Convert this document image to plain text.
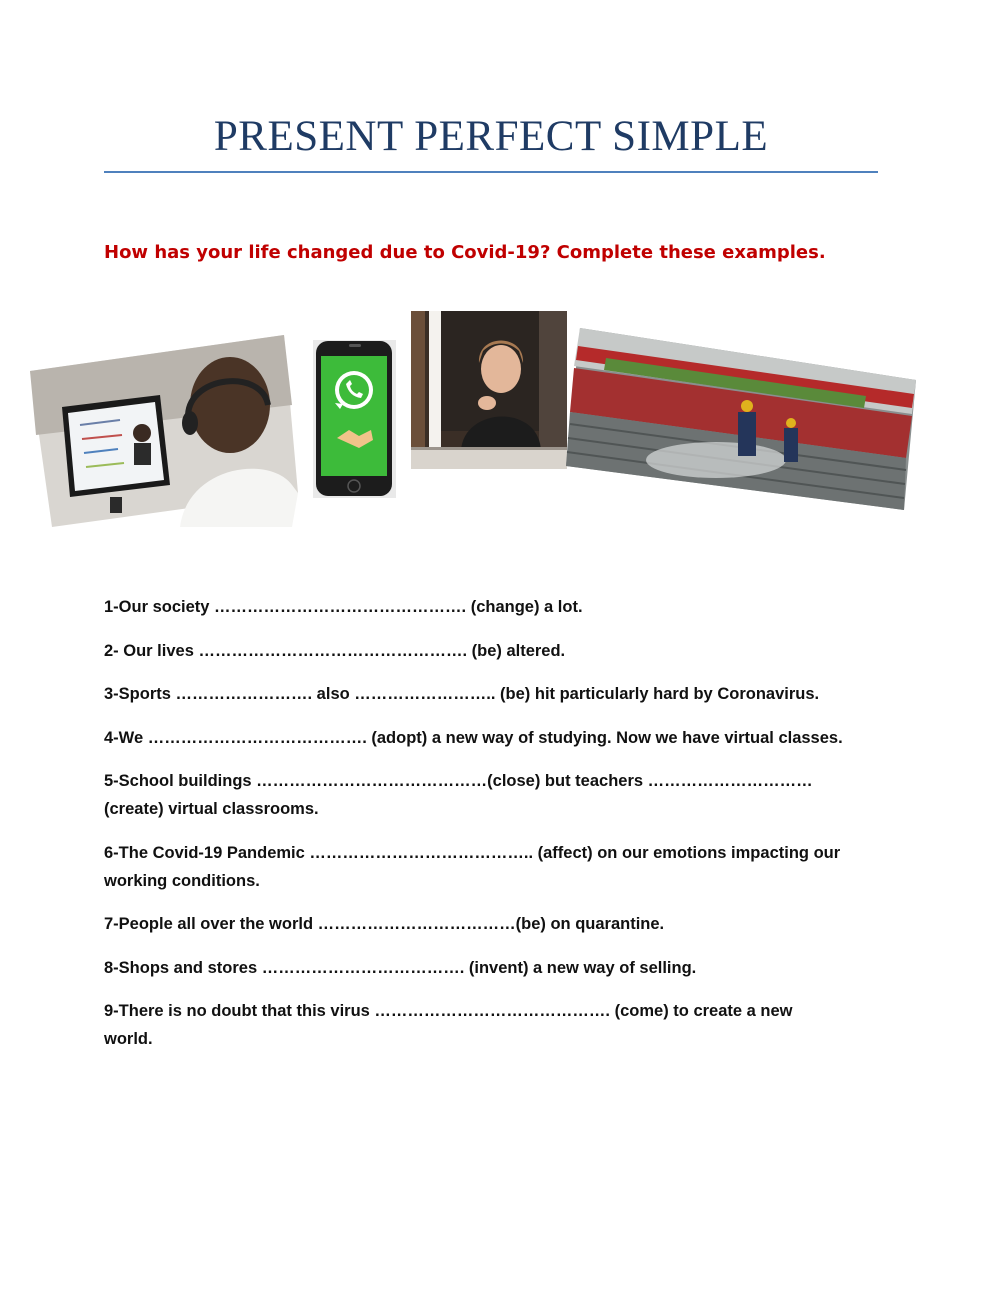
PRESENT PERFECT SIMPLE

How has your life changed due to Covid-19? Complete these examples.

1-Our society ………………………………………. (change) a lot.
2- Our lives …………………………………………. (be) altered.
3-Sports ……………………. also …………………….. (be) hit particularly hard by Coronavirus.
4-We …………………………………. (adopt) a new way of studying. Now we have virtual classes.
5-School buildings ……………………………………(close) but teachers …………………………(create) virtual classrooms.
6-The Covid-19 Pandemic ………………………………….. (affect) on our emotions impacting our working conditions.
7-People all over the world ………………………………(be) on quarantine.
8-Shops and stores ………………………………. (invent) a new way of selling.
9-There is no doubt that this virus ……………………………………. (come) to create a new world.
